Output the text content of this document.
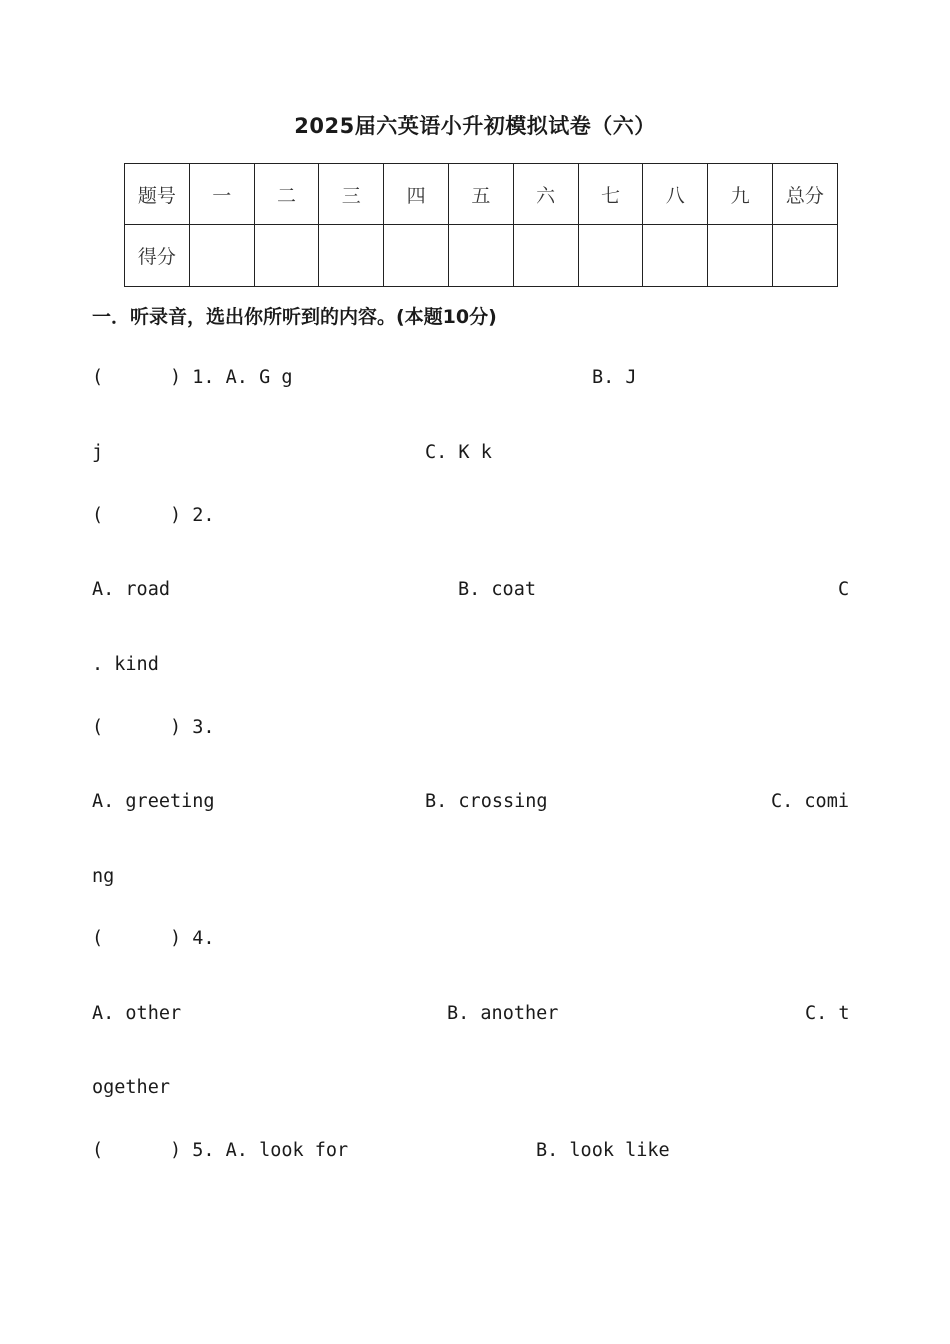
2025届六英语小升初模拟试卷（六）
题号	一	二	三	四	五	六	七	八	九	总分
得分										
一．听录音，选出你所听到的内容。(本题10分)
(      ) 1. A. G g	B. J
j	C. K k
(      ) 2.
A. road	B. coat	C
. kind
(      ) 3.
A. greeting	B. crossing	C. comi
ng
(      ) 4.
A. other	B. another	C. t
ogether
(      ) 5. A. look for	B. look like
